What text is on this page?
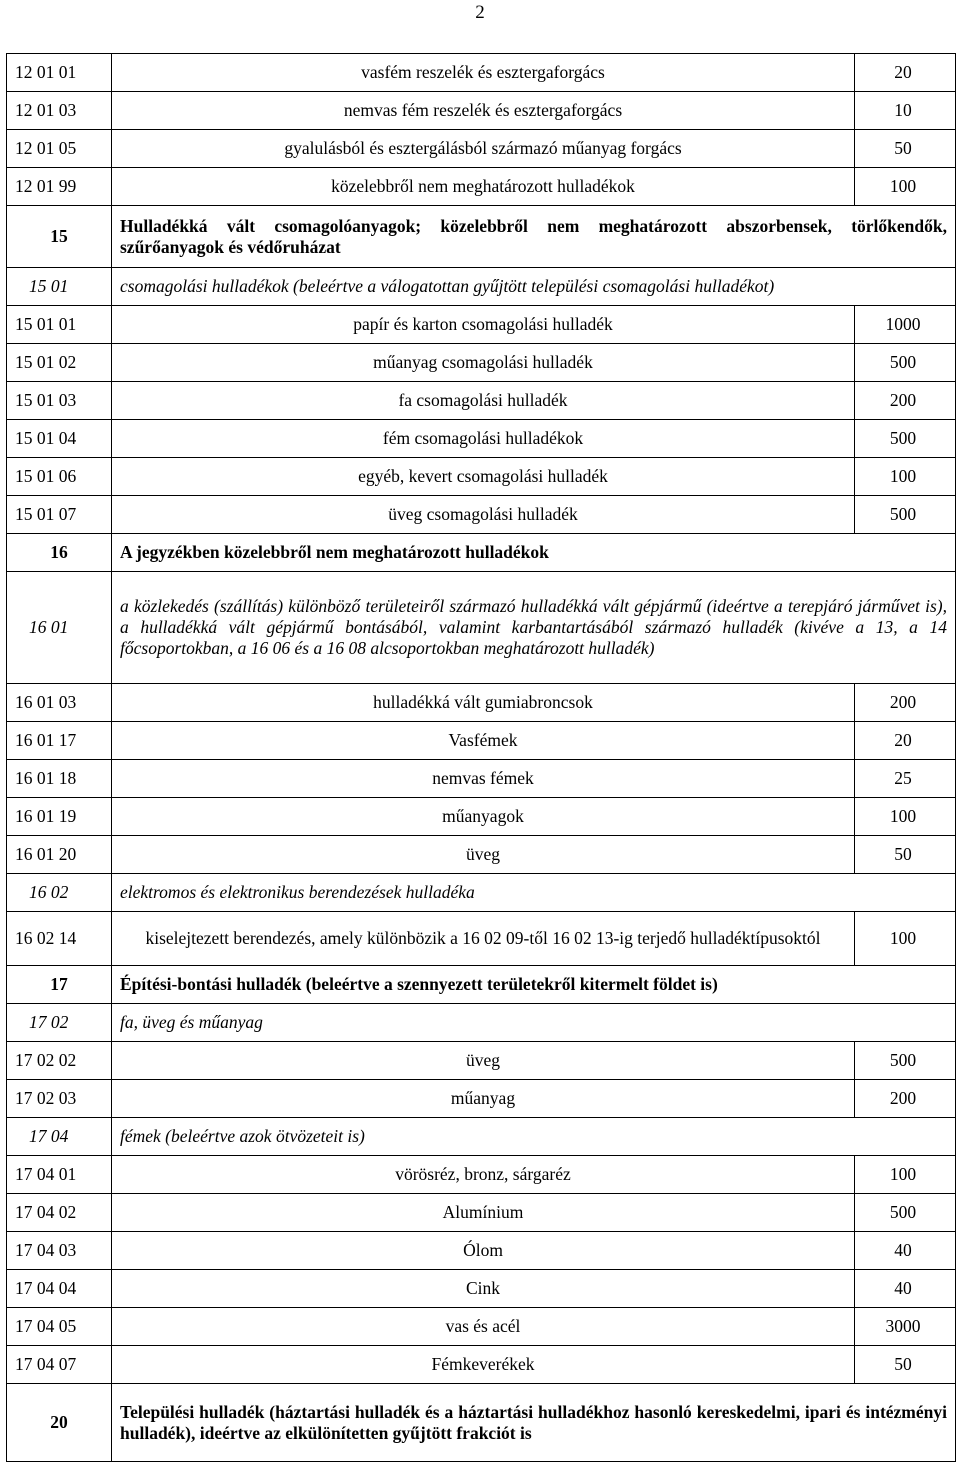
2
12 01 01	vasfém reszelék és esztergaforgács	20
12 01 03	nemvas fém reszelék és esztergaforgács	10
12 01 05	gyalulásból és esztergálásból származó műanyag forgács	50
12 01 99	közelebbről nem meghatározott hulladékok	100
15	Hulladékká vált csomagolóanyagok; közelebbről nem meghatározott abszorbensek, törlőkendők, szűrőanyagok és védőruházat	
15 01	csomagolási hulladékok (beleértve a válogatottan gyűjtött települési csomagolási hulladékot)	
15 01 01	papír és karton csomagolási hulladék	1000
15 01 02	műanyag csomagolási hulladék	500
15 01 03	fa csomagolási hulladék	200
15 01 04	fém csomagolási hulladékok	500
15 01 06	egyéb, kevert csomagolási hulladék	100
15 01 07	üveg csomagolási hulladék	500
16	A jegyzékben közelebbről nem meghatározott hulladékok	
16 01	a közlekedés (szállítás) különböző területeiről származó hulladékká vált gépjármű (ideértve a terepjáró járművet is), a hulladékká vált gépjármű bontásából, valamint karbantartásából származó hulladék (kivéve a 13, a 14 főcsoportokban, a 16 06 és a 16 08 alcsoportokban meghatározott hulladék)	
16 01 03	hulladékká vált gumiabroncsok	200
16 01 17	Vasfémek	20
16 01 18	nemvas fémek	25
16 01 19	műanyagok	100
16 01 20	üveg	50
16 02	elektromos és elektronikus berendezések hulladéka	
16 02 14	kiselejtezett berendezés, amely különbözik a 16 02 09-től 16 02 13-ig terjedő hulladéktípusoktól	100
17	Építési-bontási hulladék (beleértve a szennyezett területekről kitermelt földet is)	
17 02	fa, üveg és műanyag	
17 02 02	üveg	500
17 02 03	műanyag	200
17 04	fémek (beleértve azok ötvözeteit is)	
17 04 01	vörösréz, bronz, sárgaréz	100
17 04 02	Alumínium	500
17 04 03	Ólom	40
17 04 04	Cink	40
17 04 05	vas és acél	3000
17 04 07	Fémkeverékek	50
20	Települési hulladék (háztartási hulladék és a háztartási hulladékhoz hasonló kereskedelmi, ipari és intézményi hulladék), ideértve az elkülönítetten gyűjtött frakciót is	
